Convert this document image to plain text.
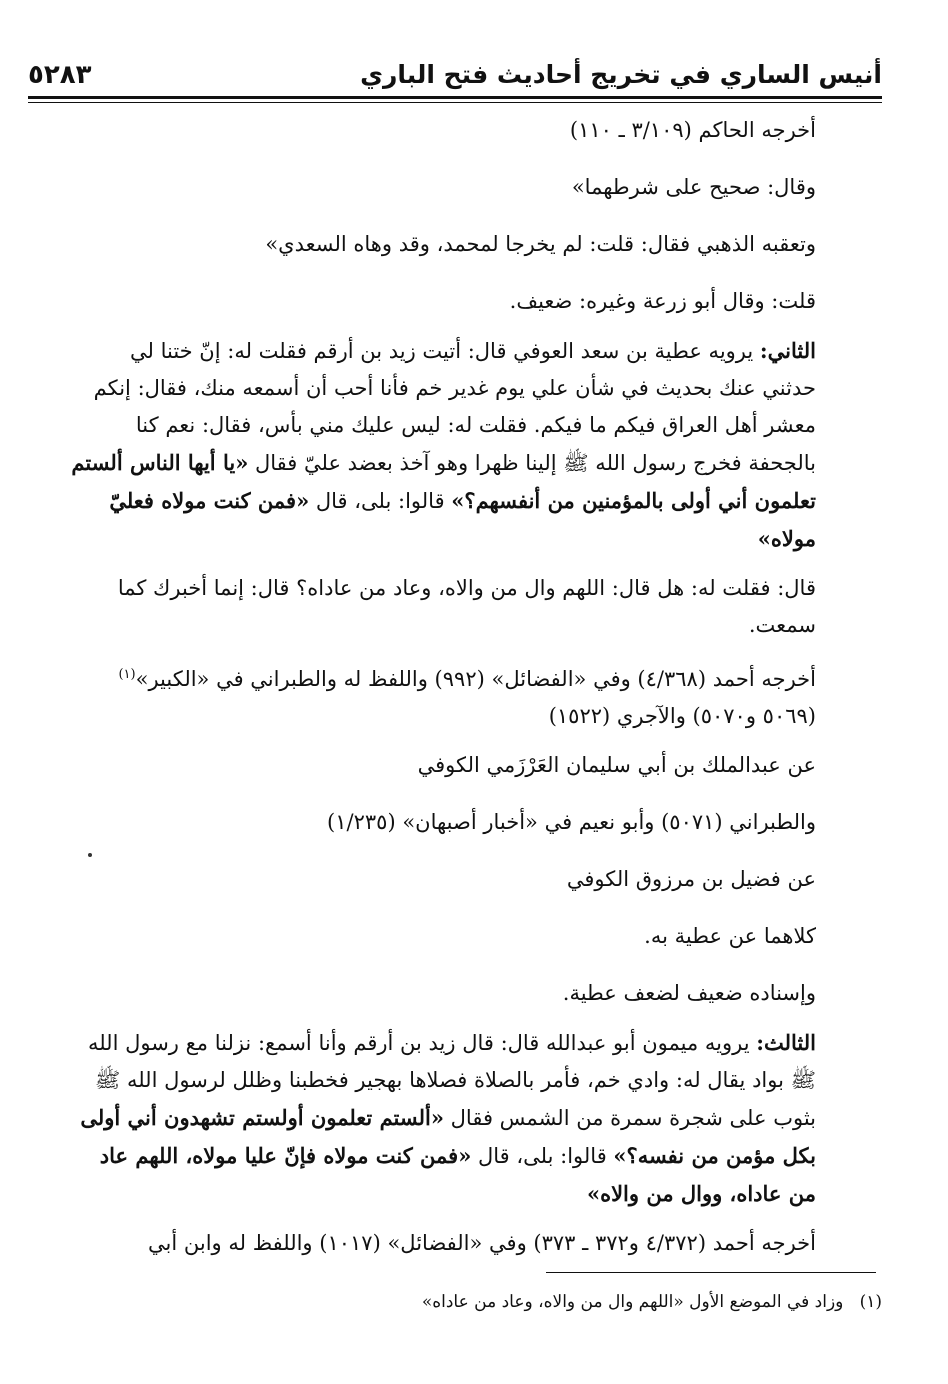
أنيس الساري في تخريج أحاديث فتح الباري
٥٢٨٣

أخرجه الحاكم (٣/١٠٩ ـ ١١٠)

وقال: صحيح على شرطهما»

وتعقبه الذهبي فقال: قلت: لم يخرجا لمحمد، وقد وهاه السعدي»

قلت: وقال أبو زرعة وغيره: ضعيف.

الثاني: يرويه عطية بن سعد العوفي قال: أتيت زيد بن أرقم فقلت له: إنّ ختنا لي حدثني عنك بحديث في شأن علي يوم غدير خم فأنا أحب أن أسمعه منك، فقال: إنكم معشر أهل العراق فيكم ما فيكم. فقلت له: ليس عليك مني بأس، فقال: نعم كنا بالجحفة فخرج رسول الله ﷺ إلينا ظهرا وهو آخذ بعضد عليّ فقال «يا أيها الناس ألستم تعلمون أني أولى بالمؤمنين من أنفسهم؟» قالوا: بلى، قال «فمن كنت مولاه فعليّ مولاه»

قال: فقلت له: هل قال: اللهم وال من والاه، وعاد من عاداه؟ قال: إنما أخبرك كما سمعت.

أخرجه أحمد (٤/٣٦٨) وفي «الفضائل» (٩٩٢) واللفظ له والطبراني في «الكبير»$^{(١)}$ (٥٠٦٩ و٥٠٧٠) والآجري (١٥٢٢)

عن عبدالملك بن أبي سليمان العَرْزَمي الكوفي

والطبراني (٥٠٧١) وأبو نعيم في «أخبار أصبهان» (١/٢٣٥)

عن فضيل بن مرزوق الكوفي

كلاهما عن عطية به.

وإسناده ضعيف لضعف عطية.

الثالث: يرويه ميمون أبو عبدالله قال: قال زيد بن أرقم وأنا أسمع: نزلنا مع رسول الله ﷺ بواد يقال له: وادي خم، فأمر بالصلاة فصلاها بهجير فخطبنا وظلل لرسول الله ﷺ بثوب على شجرة سمرة من الشمس فقال «ألستم تعلمون أولستم تشهدون أني أولى بكل مؤمن من نفسه؟» قالوا: بلى، قال «فمن كنت مولاه فإنّ عليا مولاه، اللهم عاد من عاداه، ووال من والاه»

أخرجه أحمد (٤/٣٧٢ و٣٧٢ ـ ٣٧٣) وفي «الفضائل» (١٠١٧) واللفظ له وابن أبي

(١)   وزاد في الموضع الأول «اللهم وال من والاه، وعاد من عاداه»
